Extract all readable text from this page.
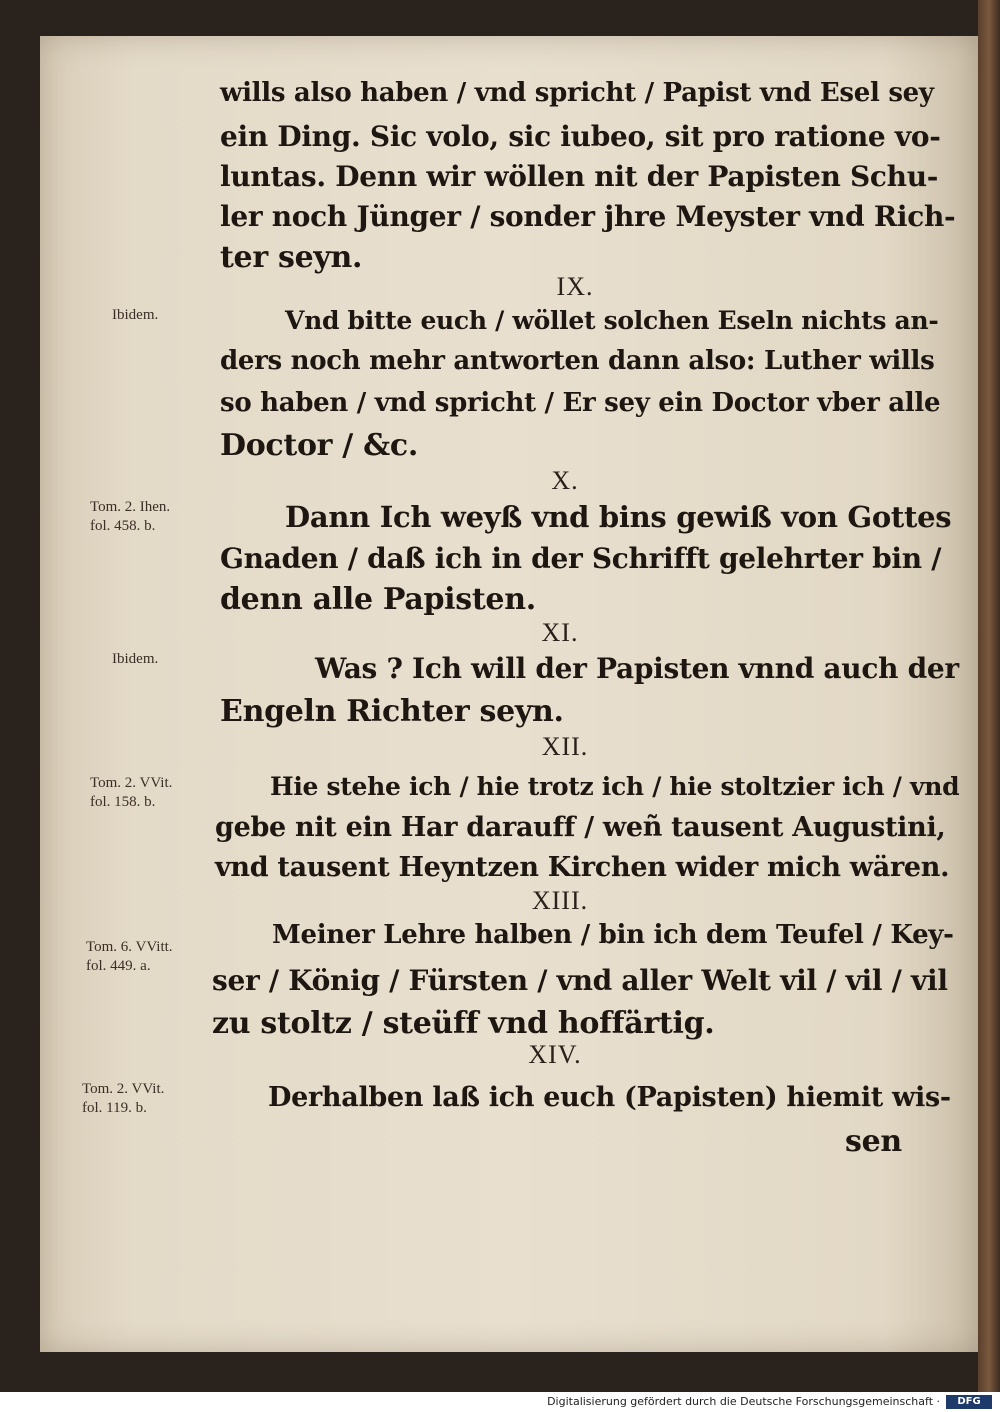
wills also haben / vnd spricht / Papist vnd Esel sey
ein Ding. Sic volo, sic iubeo, sit pro ratione vo-
luntas. Denn wir wöllen nit der Papisten Schu-
ler noch Jünger / sonder jhre Meyster vnd Rich-
ter seyn.
IX.
Ibidem.	Vnd bitte euch / wöllet solchen Eseln nichts an-
ders noch mehr antworten dann also: Luther wills
so haben / vnd spricht / Er sey ein Doctor vber alle
Doctor / &c.
X.
Tom. 2. Ihen.
fol. 458. b.	Dann Ich weyß vnd bins gewiß von Gottes
Gnaden / daß ich in der Schrifft gelehrter bin /
denn alle Papisten.
XI.
Ibidem.	Was ? Ich will der Papisten vnnd auch der
Engeln Richter seyn.
XII.
Tom. 2. VVit.
fol. 158. b.
Hie stehe ich / hie trotz ich / hie stoltzier ich / vnd
gebe nit ein Har darauff / weñ tausent Augustini,
vnd tausent Heyntzen Kirchen wider mich wären.
XIII.
Tom. 6. VVitt.
fol. 449. a.
Meiner Lehre halben / bin ich dem Teufel / Key-
ser / König / Fürsten / vnd aller Welt vil / vil / vil
zu stoltz / steüff vnd hoffärtig.
XIV.
Tom. 2. VVit.
fol. 119. b.	Derhalben laß ich euch (Papisten) hiemit wis-
sen
Digitalisierung gefördert durch die Deutsche Forschungsgemeinschaft ·	DFG
